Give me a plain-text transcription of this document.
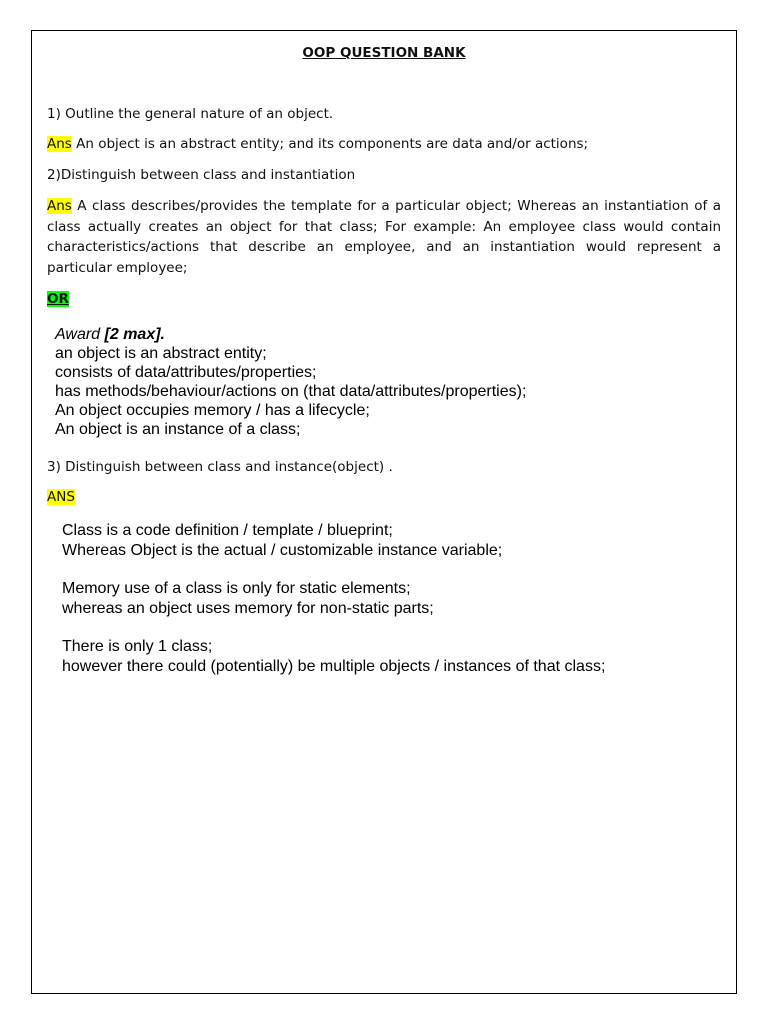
OOP QUESTION BANK
1) Outline the general nature of an object.
Ans An object is an abstract entity; and its components are data and/or actions;
2)Distinguish between class and instantiation
Ans A class describes/provides the template for a particular object; Whereas an instantiation of a class actually creates an object for that class; For example: An employee class would contain characteristics/actions that describe an employee, and an instantiation would represent a particular employee;
OR
Award [2 max].
an object is an abstract entity;
consists of data/attributes/properties;
has methods/behaviour/actions on (that data/attributes/properties);
An object occupies memory / has a lifecycle;
An object is an instance of a class;
3) Distinguish between class and instance(object) .
ANS
Class is a code definition / template / blueprint;
Whereas Object is the actual / customizable instance variable;
Memory use of a class is only for static elements;
whereas an object uses memory for non-static parts;
There is only 1 class;
however there could (potentially) be multiple objects / instances of that class;
